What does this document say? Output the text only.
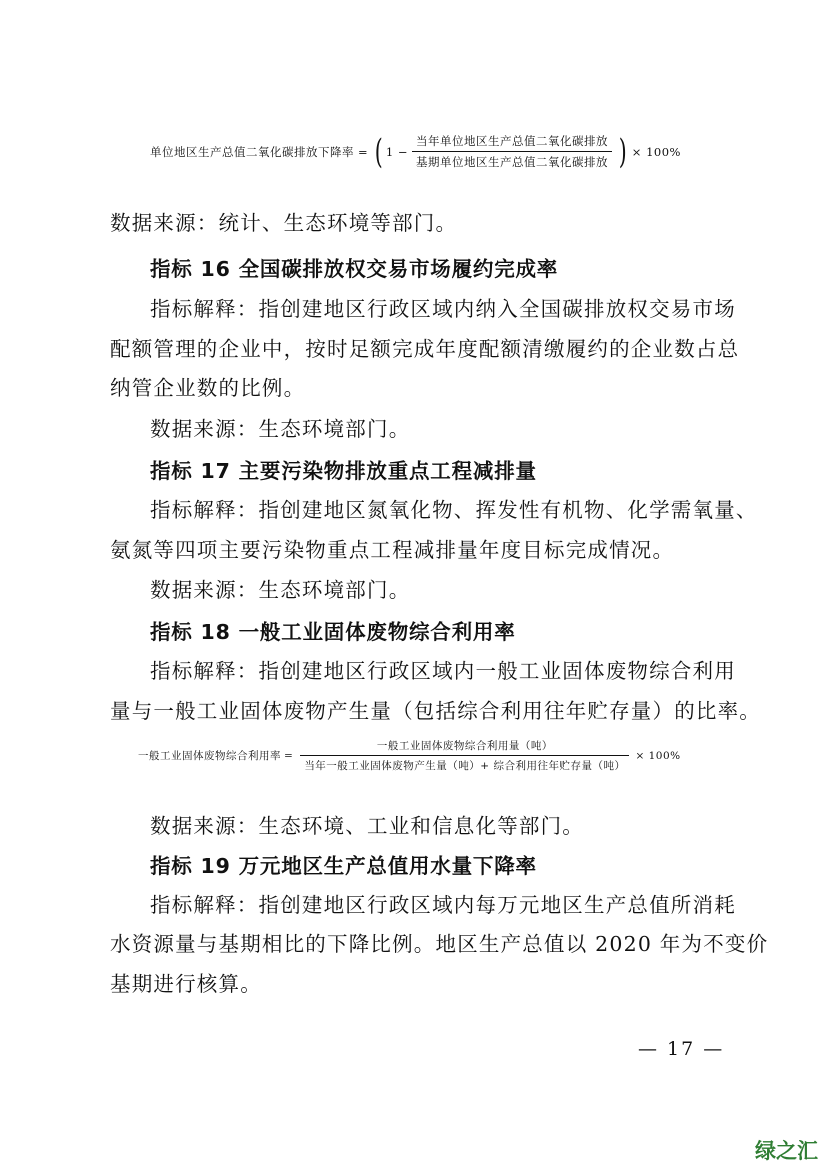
单位地区生产总值二氧化碳排放下降率 = ( $1 - \frac{\text{当年单位地区生产总值二氧化碳排放}}{\text{基期单位地区生产总值二氧化碳排放}}$ ) × 100%
数据来源：统计、生态环境等部门。
指标 16 全国碳排放权交易市场履约完成率
指标解释：指创建地区行政区域内纳入全国碳排放权交易市场
配额管理的企业中，按时足额完成年度配额清缴履约的企业数占总
纳管企业数的比例。
数据来源：生态环境部门。
指标 17 主要污染物排放重点工程减排量
指标解释：指创建地区氮氧化物、挥发性有机物、化学需氧量、
氨氮等四项主要污染物重点工程减排量年度目标完成情况。
数据来源：生态环境部门。
指标 18 一般工业固体废物综合利用率
指标解释：指创建地区行政区域内一般工业固体废物综合利用
量与一般工业固体废物产生量（包括综合利用往年贮存量）的比率。
一般工业固体废物综合利用率 = $\frac{\text{一般工业固体废物综合利用量（吨）}}{\text{当年一般工业固体废物产生量（吨）+ 综合利用往年贮存量（吨）}} \times 100\%$
数据来源：生态环境、工业和信息化等部门。
指标 19 万元地区生产总值用水量下降率
指标解释：指创建地区行政区域内每万元地区生产总值所消耗
水资源量与基期相比的下降比例。地区生产总值以 2020 年为不变价
基期进行核算。
— 17 —
绿之汇
